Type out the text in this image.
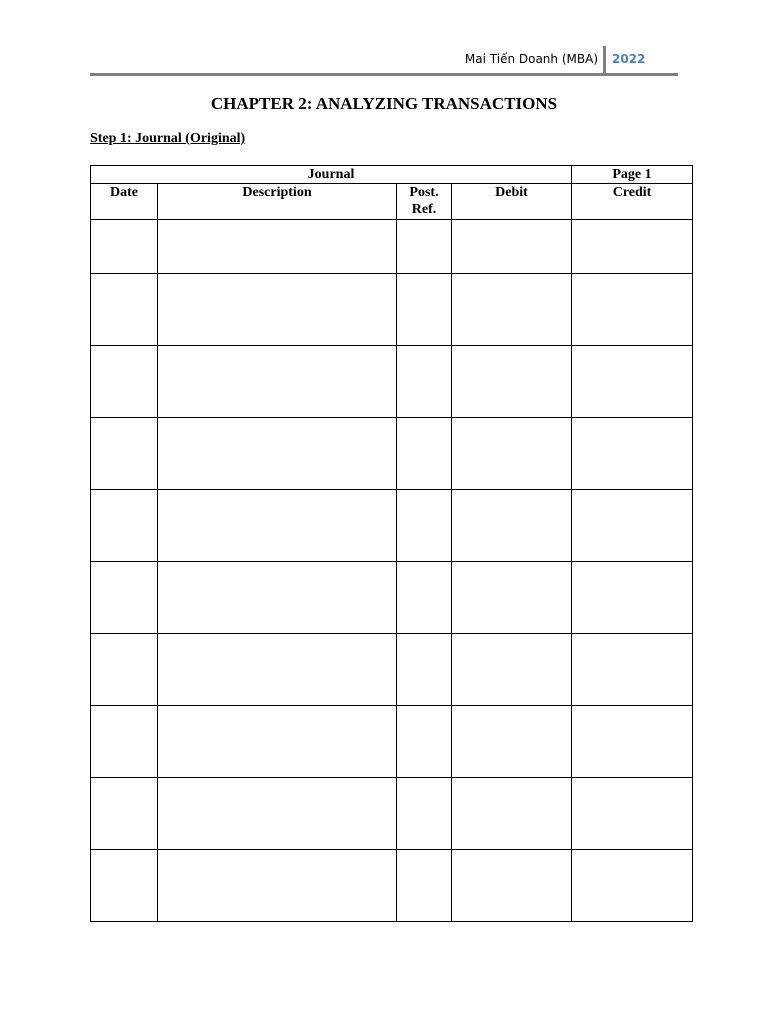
Mai Tiến Doanh (MBA) 2022
CHAPTER 2: ANALYZING TRANSACTIONS
Step 1: Journal (Original)
Journal				Page 1
Date	Description	Post. Ref.	Debit	Credit
